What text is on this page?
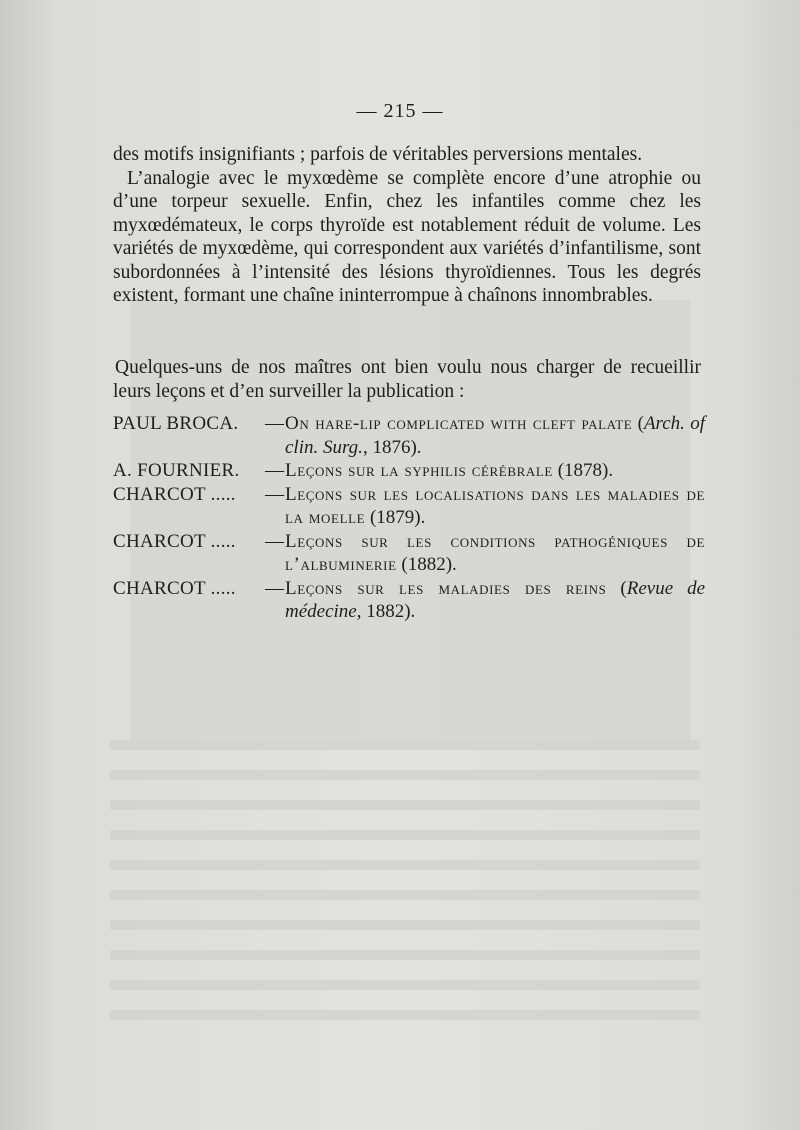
— 215 —

des motifs insignifiants ; parfois de véritables perversions mentales.

L’analogie avec le myxœdème se complète encore d’une atrophie ou d’une torpeur sexuelle. Enfin, chez les infantiles comme chez les myxœdémateux, le corps thyroïde est notablement réduit de volume. Les variétés de myxœdème, qui correspondent aux variétés d’infantilisme, sont subordonnées à l’intensité des lésions thyroïdiennes. Tous les degrés existent, formant une chaîne ininterrompue à chaînons innombrables.

Quelques-uns de nos maîtres ont bien voulu nous charger de recueillir leurs leçons et d’en surveiller la publication :
PAUL BROCA.	— On hare-lip complicated with cleft palate (Arch. of clin. Surg., 1876).
A. FOURNIER.	— Leçons sur la syphilis cérébrale (1878).
CHARCOT .....	— Leçons sur les localisations dans les maladies de la moelle (1879).
CHARCOT .....	— Leçons sur les conditions pathogéniques de l’albuminerie (1882).
CHARCOT .....	— Leçons sur les maladies des reins (Revue de médecine, 1882).
